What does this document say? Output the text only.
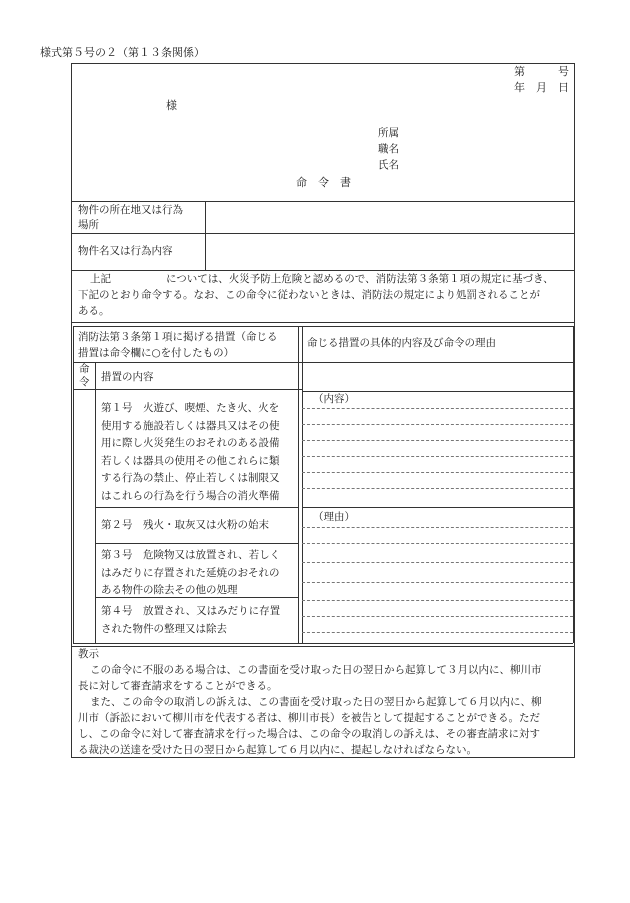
様式第５号の２（第１３条関係）
第　　　号
年　月　日
様
所属
職名
氏名
命　令　書
物件の所在地又は行為
場所
物件名又は行為内容
上記	については、火災予防上危険と認めるので、消防法第３条第１項の規定に基づき、
下記のとおり命令する。なお、この命令に従わないときは、消防法の規定により処罰されることが
ある。
消防法第３条第１項に掲げる措置（命じる
措置は命令欄に○を付したもの）
命じる措置の具体的内容及び命令の理由
命
令 措置の内容
第１号　火遊び、喫煙、たき火、火を
使用する施設若しくは器具又はその使
用に際し火災発生のおそれのある設備
若しくは器具の使用その他これらに類
する行為の禁止、停止若しくは制限又
はこれらの行為を行う場合の消火準備
第２号　残火・取灰又は火粉の始末
第３号　危険物又は放置され、若しく
はみだりに存置された延焼のおそれの
ある物件の除去その他の処理
第４号　放置され、又はみだりに存置
された物件の整理又は除去
（内容）
（理由）
教示
この命令に不服のある場合は、この書面を受け取った日の翌日から起算して３月以内に、柳川市
長に対して審査請求をすることができる。
また、この命令の取消しの訴えは、この書面を受け取った日の翌日から起算して６月以内に、柳
川市（訴訟において柳川市を代表する者は、柳川市長）を被告として提起することができる。ただ
し、この命令に対して審査請求を行った場合は、この命令の取消しの訴えは、その審査請求に対す
る裁決の送達を受けた日の翌日から起算して６月以内に、提起しなければならない。
